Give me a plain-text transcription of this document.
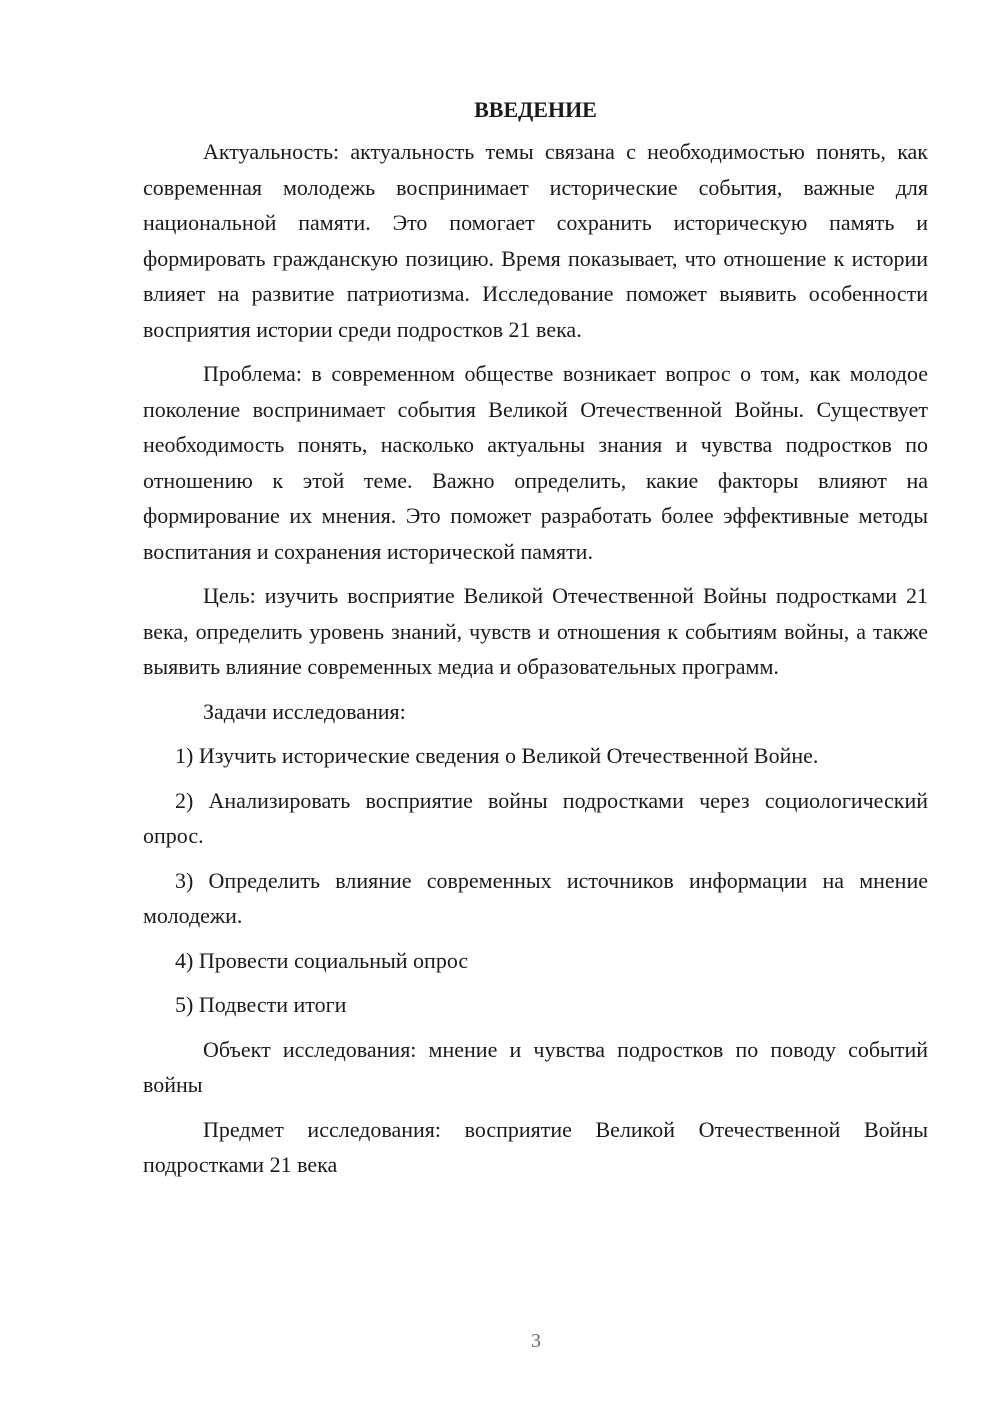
ВВЕДЕНИЕ

Актуальность: актуальность темы связана с необходимостью понять, как современная молодежь воспринимает исторические события, важные для национальной памяти. Это помогает сохранить историческую память и формировать гражданскую позицию. Время показывает, что отношение к истории влияет на развитие патриотизма. Исследование поможет выявить особенности восприятия истории среди подростков 21 века.

Проблема: в современном обществе возникает вопрос о том, как молодое поколение воспринимает события Великой Отечественной Войны. Существует необходимость понять, насколько актуальны знания и чувства подростков по отношению к этой теме. Важно определить, какие факторы влияют на формирование их мнения. Это поможет разработать более эффективные методы воспитания и сохранения исторической памяти.

Цель: изучить восприятие Великой Отечественной Войны подростками 21 века, определить уровень знаний, чувств и отношения к событиям войны, а также выявить влияние современных медиа и образовательных программ.

Задачи исследования:

1) Изучить исторические сведения о Великой Отечественной Войне.

2) Анализировать восприятие войны подростками через социологический опрос.

3) Определить влияние современных источников информации на мнение молодежи.

4) Провести социальный опрос

5) Подвести итоги

Объект исследования: мнение и чувства подростков по поводу событий войны

Предмет исследования: восприятие Великой Отечественной Войны подростками 21 века

3
